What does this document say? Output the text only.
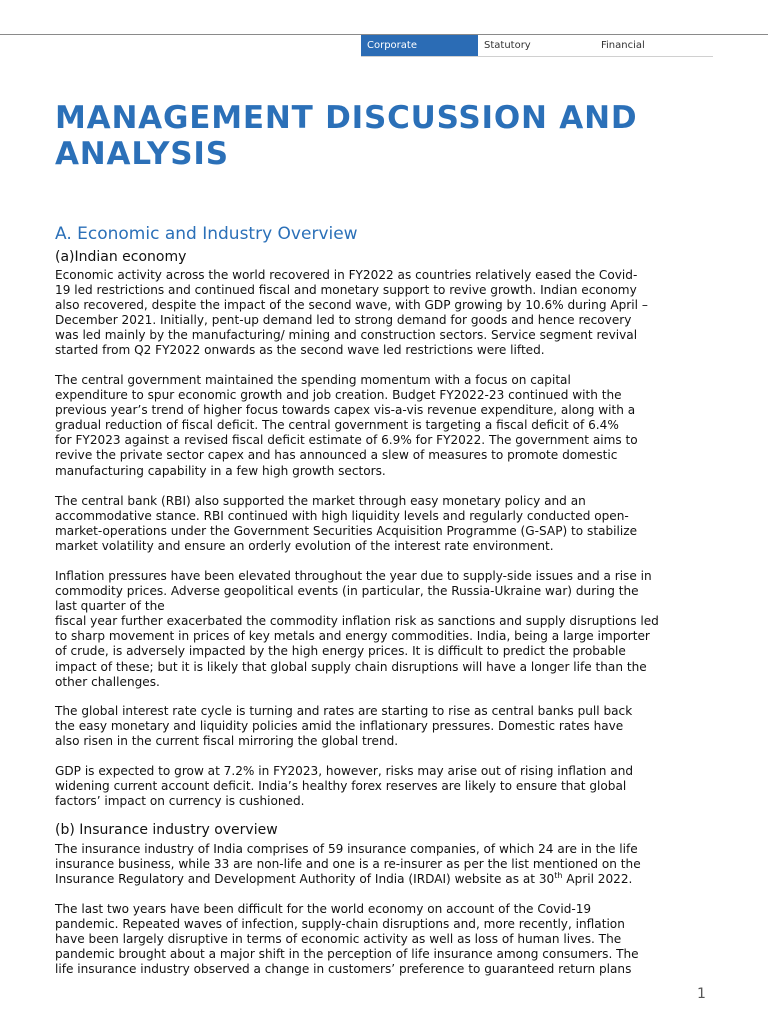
Corporate	Statutory	Financial
MANAGEMENT DISCUSSION AND
ANALYSIS
A. Economic and Industry Overview
(a)Indian economy

Economic activity across the world recovered in FY2022 as countries relatively eased the Covid-
19 led restrictions and continued fiscal and monetary support to revive growth. Indian economy
also recovered, despite the impact of the second wave, with GDP growing by 10.6% during April –
December 2021. Initially, pent-up demand led to strong demand for goods and hence recovery
was led mainly by the manufacturing/ mining and construction sectors. Service segment revival
started from Q2 FY2022 onwards as the second wave led restrictions were lifted.

The central government maintained the spending momentum with a focus on capital
expenditure to spur economic growth and job creation. Budget FY2022-23 continued with the
previous year’s trend of higher focus towards capex vis-a-vis revenue expenditure, along with a
gradual reduction of fiscal deficit. The central government is targeting a fiscal deficit of 6.4%
for FY2023 against a revised fiscal deficit estimate of 6.9% for FY2022. The government aims to
revive the private sector capex and has announced a slew of measures to promote domestic
manufacturing capability in a few high growth sectors.

The central bank (RBI) also supported the market through easy monetary policy and an
accommodative stance. RBI continued with high liquidity levels and regularly conducted open-
market-operations under the Government Securities Acquisition Programme (G-SAP) to stabilize
market volatility and ensure an orderly evolution of the interest rate environment.

Inflation pressures have been elevated throughout the year due to supply-side issues and a rise in
commodity prices. Adverse geopolitical events (in particular, the Russia-Ukraine war) during the
last quarter of the
fiscal year further exacerbated the commodity inflation risk as sanctions and supply disruptions led
to sharp movement in prices of key metals and energy commodities. India, being a large importer
of crude, is adversely impacted by the high energy prices. It is difficult to predict the probable
impact of these; but it is likely that global supply chain disruptions will have a longer life than the
other challenges.

The global interest rate cycle is turning and rates are starting to rise as central banks pull back
the easy monetary and liquidity policies amid the inflationary pressures. Domestic rates have
also risen in the current fiscal mirroring the global trend.

GDP is expected to grow at 7.2% in FY2023, however, risks may arise out of rising inflation and
widening current account deficit. India’s healthy forex reserves are likely to ensure that global
factors’ impact on currency is cushioned.

(b) Insurance industry overview

The insurance industry of India comprises of 59 insurance companies, of which 24 are in the life
insurance business, while 33 are non-life and one is a re-insurer as per the list mentioned on the
Insurance Regulatory and Development Authority of India (IRDAI) website as at 30th April 2022.

The last two years have been difficult for the world economy on account of the Covid-19
pandemic. Repeated waves of infection, supply-chain disruptions and, more recently, inflation
have been largely disruptive in terms of economic activity as well as loss of human lives. The
pandemic brought about a major shift in the perception of life insurance among consumers. The
life insurance industry observed a change in customers’ preference to guaranteed return plans

1
